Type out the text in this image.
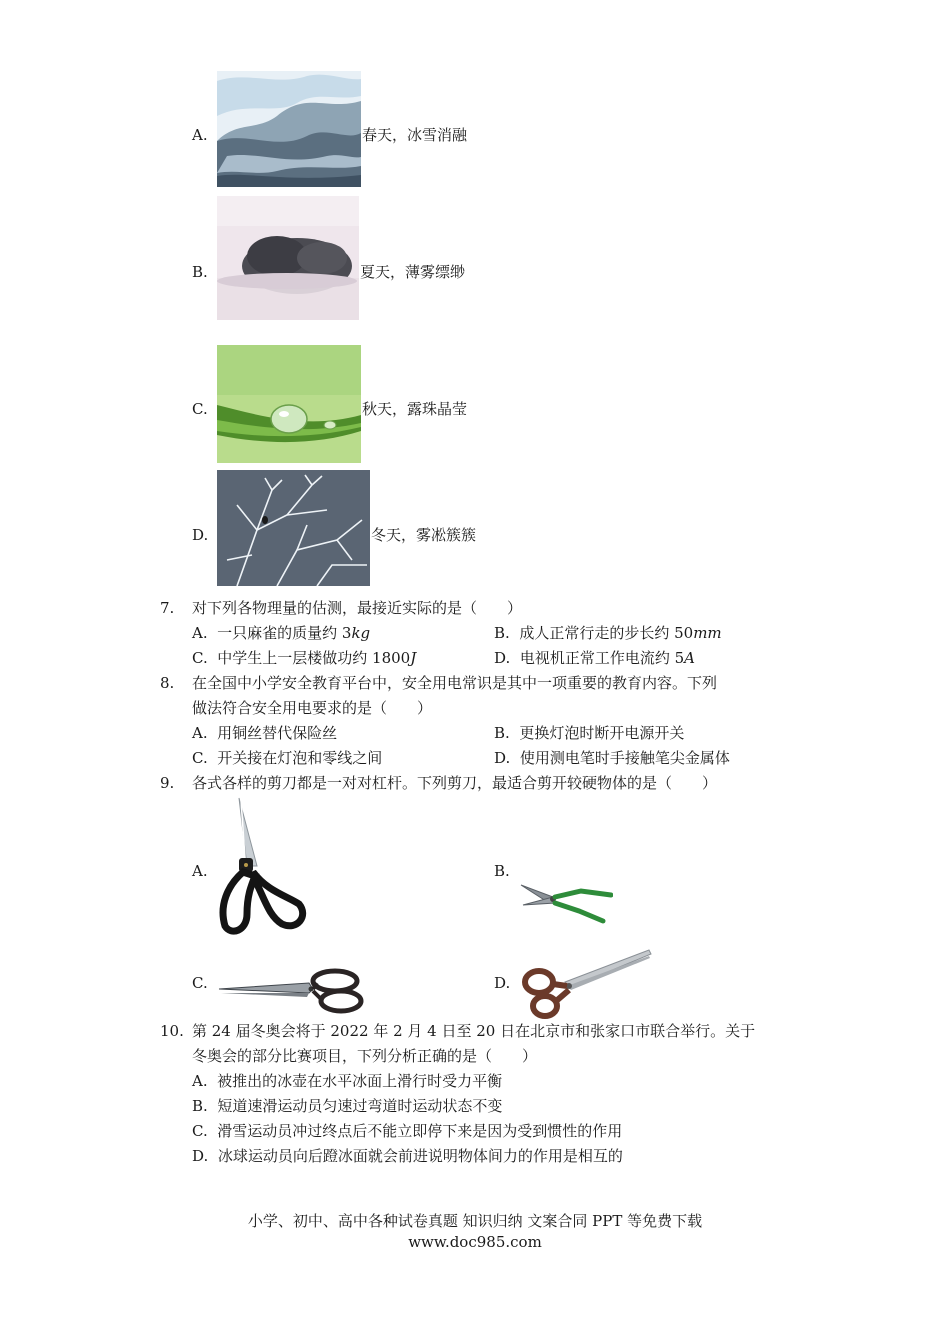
A.	春天，冰雪消融
B.	夏天，薄雾缥缈
C.	秋天，露珠晶莹
D.	冬天，雾凇簇簇
7.	对下列各物理量的估测，最接近实际的是（　　）
A. 一只麻雀的质量约 3kg	B. 成人正常行走的步长约 50mm
C. 中学生上一层楼做功约 1800J	D. 电视机正常工作电流约 5A
8.	在全国中小学安全教育平台中，安全用电常识是其中一项重要的教育内容。下列
做法符合安全用电要求的是（　　）
A. 用铜丝替代保险丝	B. 更换灯泡时断开电源开关
C. 开关接在灯泡和零线之间	D. 使用测电笔时手接触笔尖金属体
9.	各式各样的剪刀都是一对对杠杆。下列剪刀，最适合剪开较硬物体的是（　　）
A.	B.
C.	D.
10. 第 24 届冬奥会将于 2022 年 2 月 4 日至 20 日在北京市和张家口市联合举行。关于
冬奥会的部分比赛项目，下列分析正确的是（　　）
A. 被推出的冰壶在水平冰面上滑行时受力平衡
B. 短道速滑运动员匀速过弯道时运动状态不变
C. 滑雪运动员冲过终点后不能立即停下来是因为受到惯性的作用
D. 冰球运动员向后蹬冰面就会前进说明物体间力的作用是相互的
小学、初中、高中各种试卷真题 知识归纳 文案合同 PPT 等免费下载
www.doc985.com
